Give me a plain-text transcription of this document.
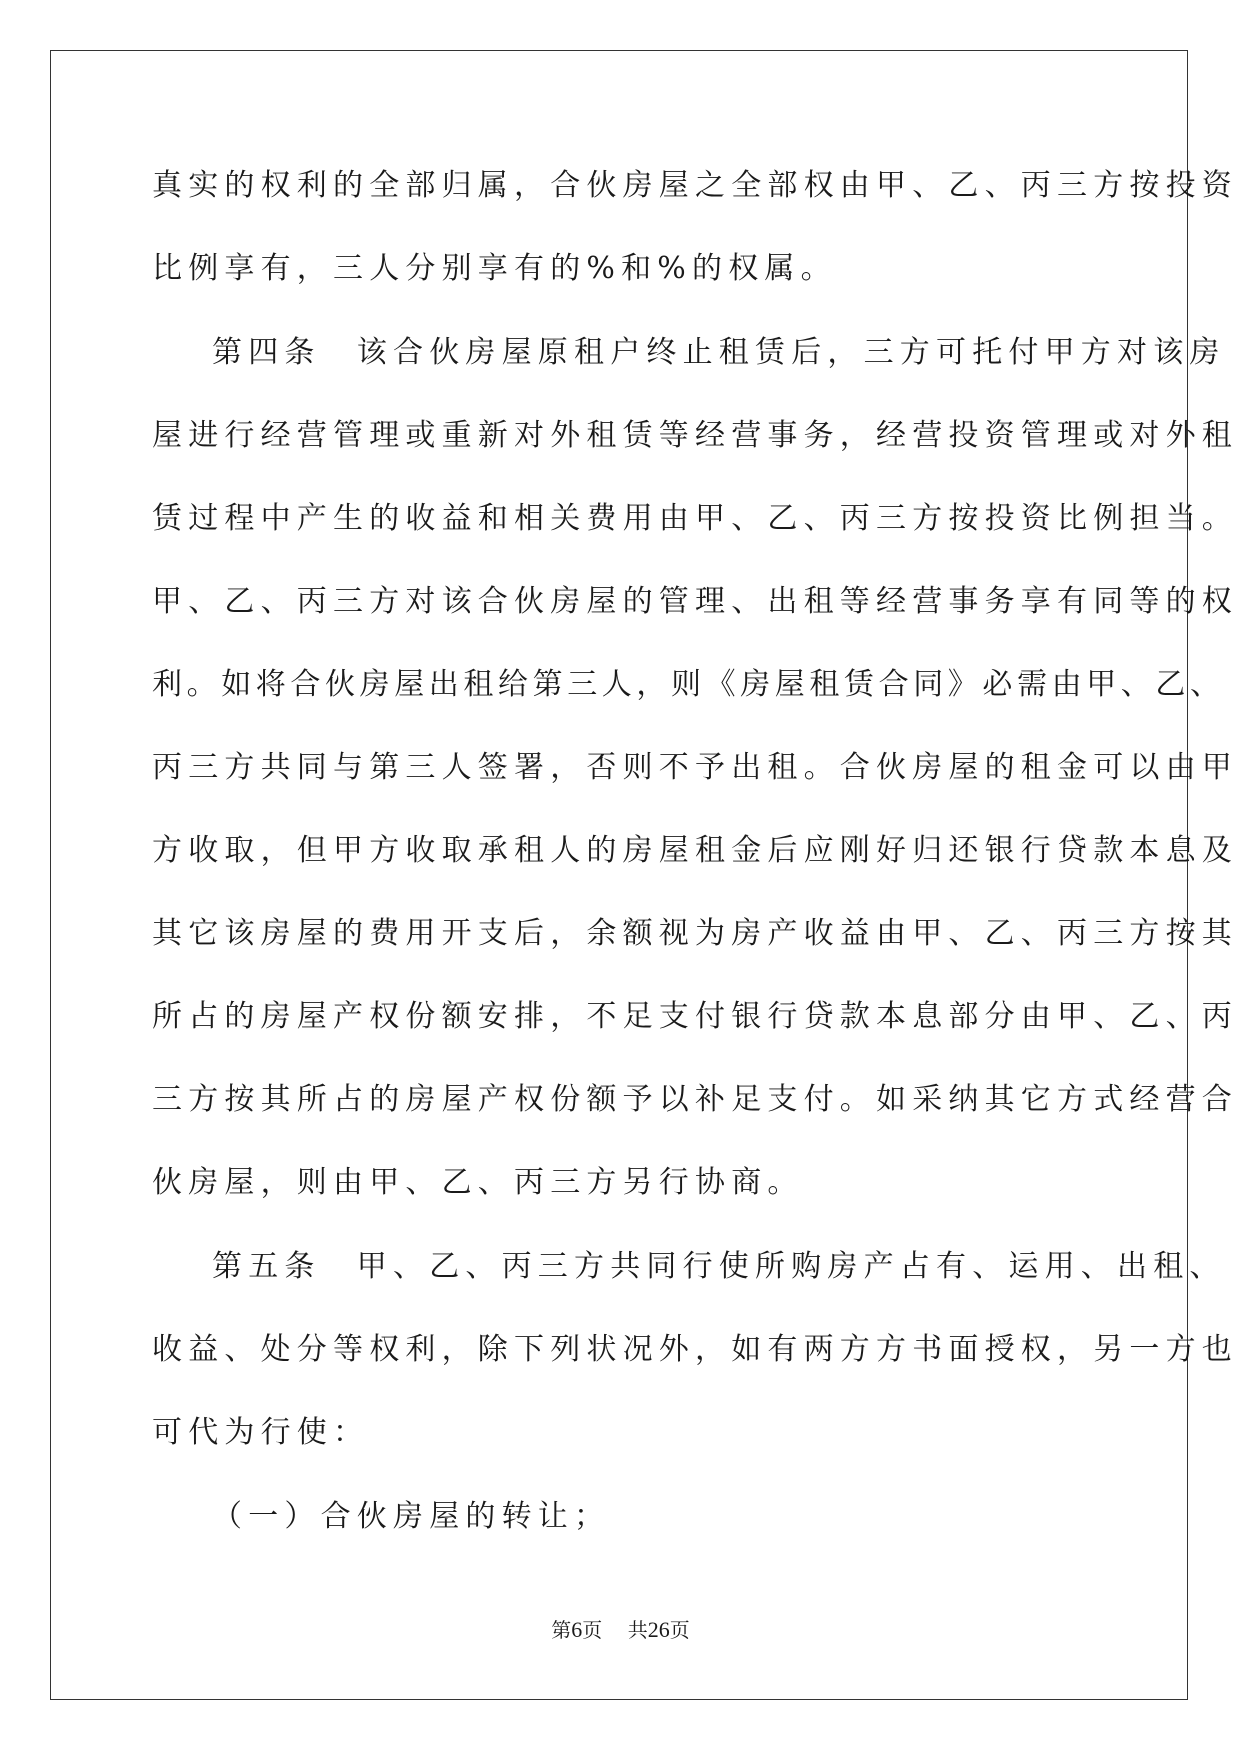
真实的权利的全部归属，合伙房屋之全部权由甲、乙、丙三方按投资
比例享有，三人分别享有的%和%的权属。
第四条　该合伙房屋原租户终止租赁后，三方可托付甲方对该房
屋进行经营管理或重新对外租赁等经营事务，经营投资管理或对外租
赁过程中产生的收益和相关费用由甲、乙、丙三方按投资比例担当。
甲、乙、丙三方对该合伙房屋的管理、出租等经营事务享有同等的权
利。如将合伙房屋出租给第三人，则《房屋租赁合同》必需由甲、乙、
丙三方共同与第三人签署，否则不予出租。合伙房屋的租金可以由甲
方收取，但甲方收取承租人的房屋租金后应刚好归还银行贷款本息及
其它该房屋的费用开支后，余额视为房产收益由甲、乙、丙三方按其
所占的房屋产权份额安排，不足支付银行贷款本息部分由甲、乙、丙
三方按其所占的房屋产权份额予以补足支付。如采纳其它方式经营合
伙房屋，则由甲、乙、丙三方另行协商。
第五条　甲、乙、丙三方共同行使所购房产占有、运用、出租、
收益、处分等权利，除下列状况外，如有两方方书面授权，另一方也
可代为行使：
（一）合伙房屋的转让；
第6页 共26页
